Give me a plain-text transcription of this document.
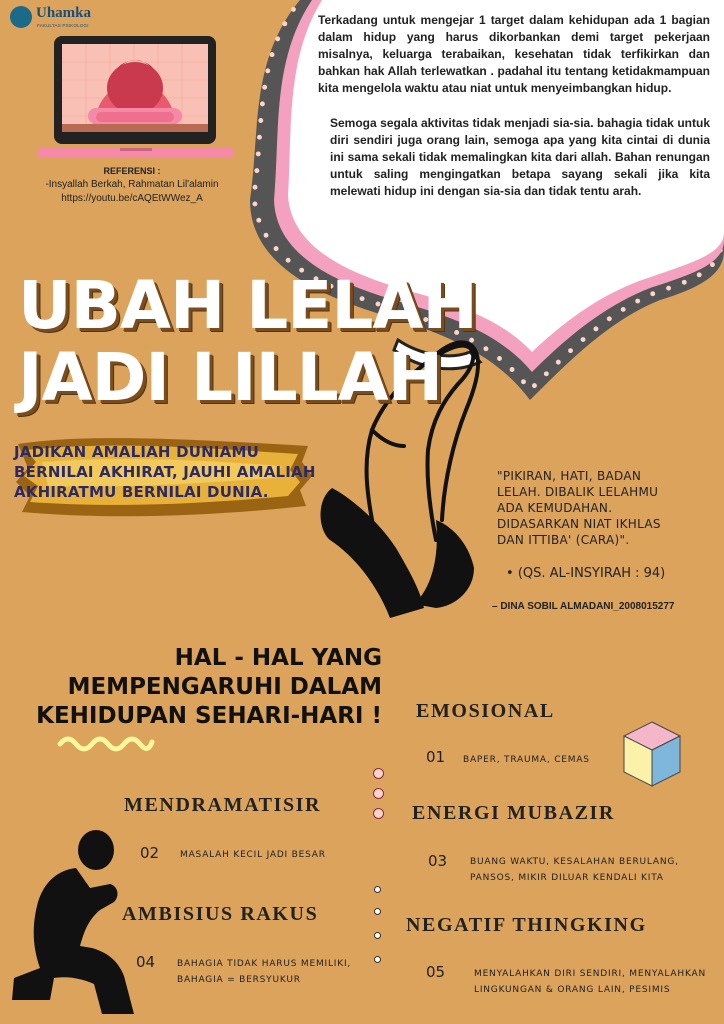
Uhamka
FAKULTAS PSIKOLOGI
REFERENSI :
-Insyallah Berkah, Rahmatan Lil'alamin
https://youtu.be/cAQEtWWez_A

Terkadang untuk mengejar 1 target dalam kehidupan ada 1 bagian dalam hidup yang harus dikorbankan demi target pekerjaan misalnya, keluarga terabaikan, kesehatan tidak terfikirkan dan bahkan hak Allah terlewatkan . padahal itu tentang ketidakmampuan kita mengelola waktu atau niat untuk menyeimbangkan hidup.

Semoga segala aktivitas tidak menjadi sia-sia. bahagia tidak untuk diri sendiri juga orang lain, semoga apa yang kita cintai di dunia ini sama sekali tidak memalingkan kita dari allah. Bahan renungan untuk saling mengingatkan betapa sayang sekali jika kita melewati hidup ini dengan sia-sia dan tidak tentu arah.

UBAH LELAH
JADI LILLAH
JADIKAN AMALIAH DUNIAMU
BERNILAI AKHIRAT, JAUHI AMALIAH
AKHIRATMU BERNILAI DUNIA.
"PIKIRAN, HATI, BADAN
LELAH. DIBALIK LELAHMU
ADA KEMUDAHAN.
DIDASARKAN NIAT IKHLAS
DAN ITTIBA' (CARA)".
• (QS. AL-INSYIRAH : 94)
– DINA SOBIL ALMADANI_2008015277
HAL - HAL YANG
MEMPENGARUHI DALAM
KEHIDUPAN SEHARI-HARI ! EMOSIONAL
01 BAPER, TRAUMA, CEMAS
MENDRAMATISIR
02 MASALAH KECIL JADI BESAR
ENERGI MUBAZIR
03	BUANG WAKTU, KESALAHAN BERULANG,
PANSOS, MIKIR DILUAR KENDALI KITA
AMBISIUS RAKUS
04 BAHAGIA TIDAK HARUS MEMILIKI,
BAHAGIA = BERSYUKUR
NEGATIF THINGKING
05	MENYALAHKAN DIRI SENDIRI, MENYALAHKAN
LINGKUNGAN & ORANG LAIN, PESIMIS
